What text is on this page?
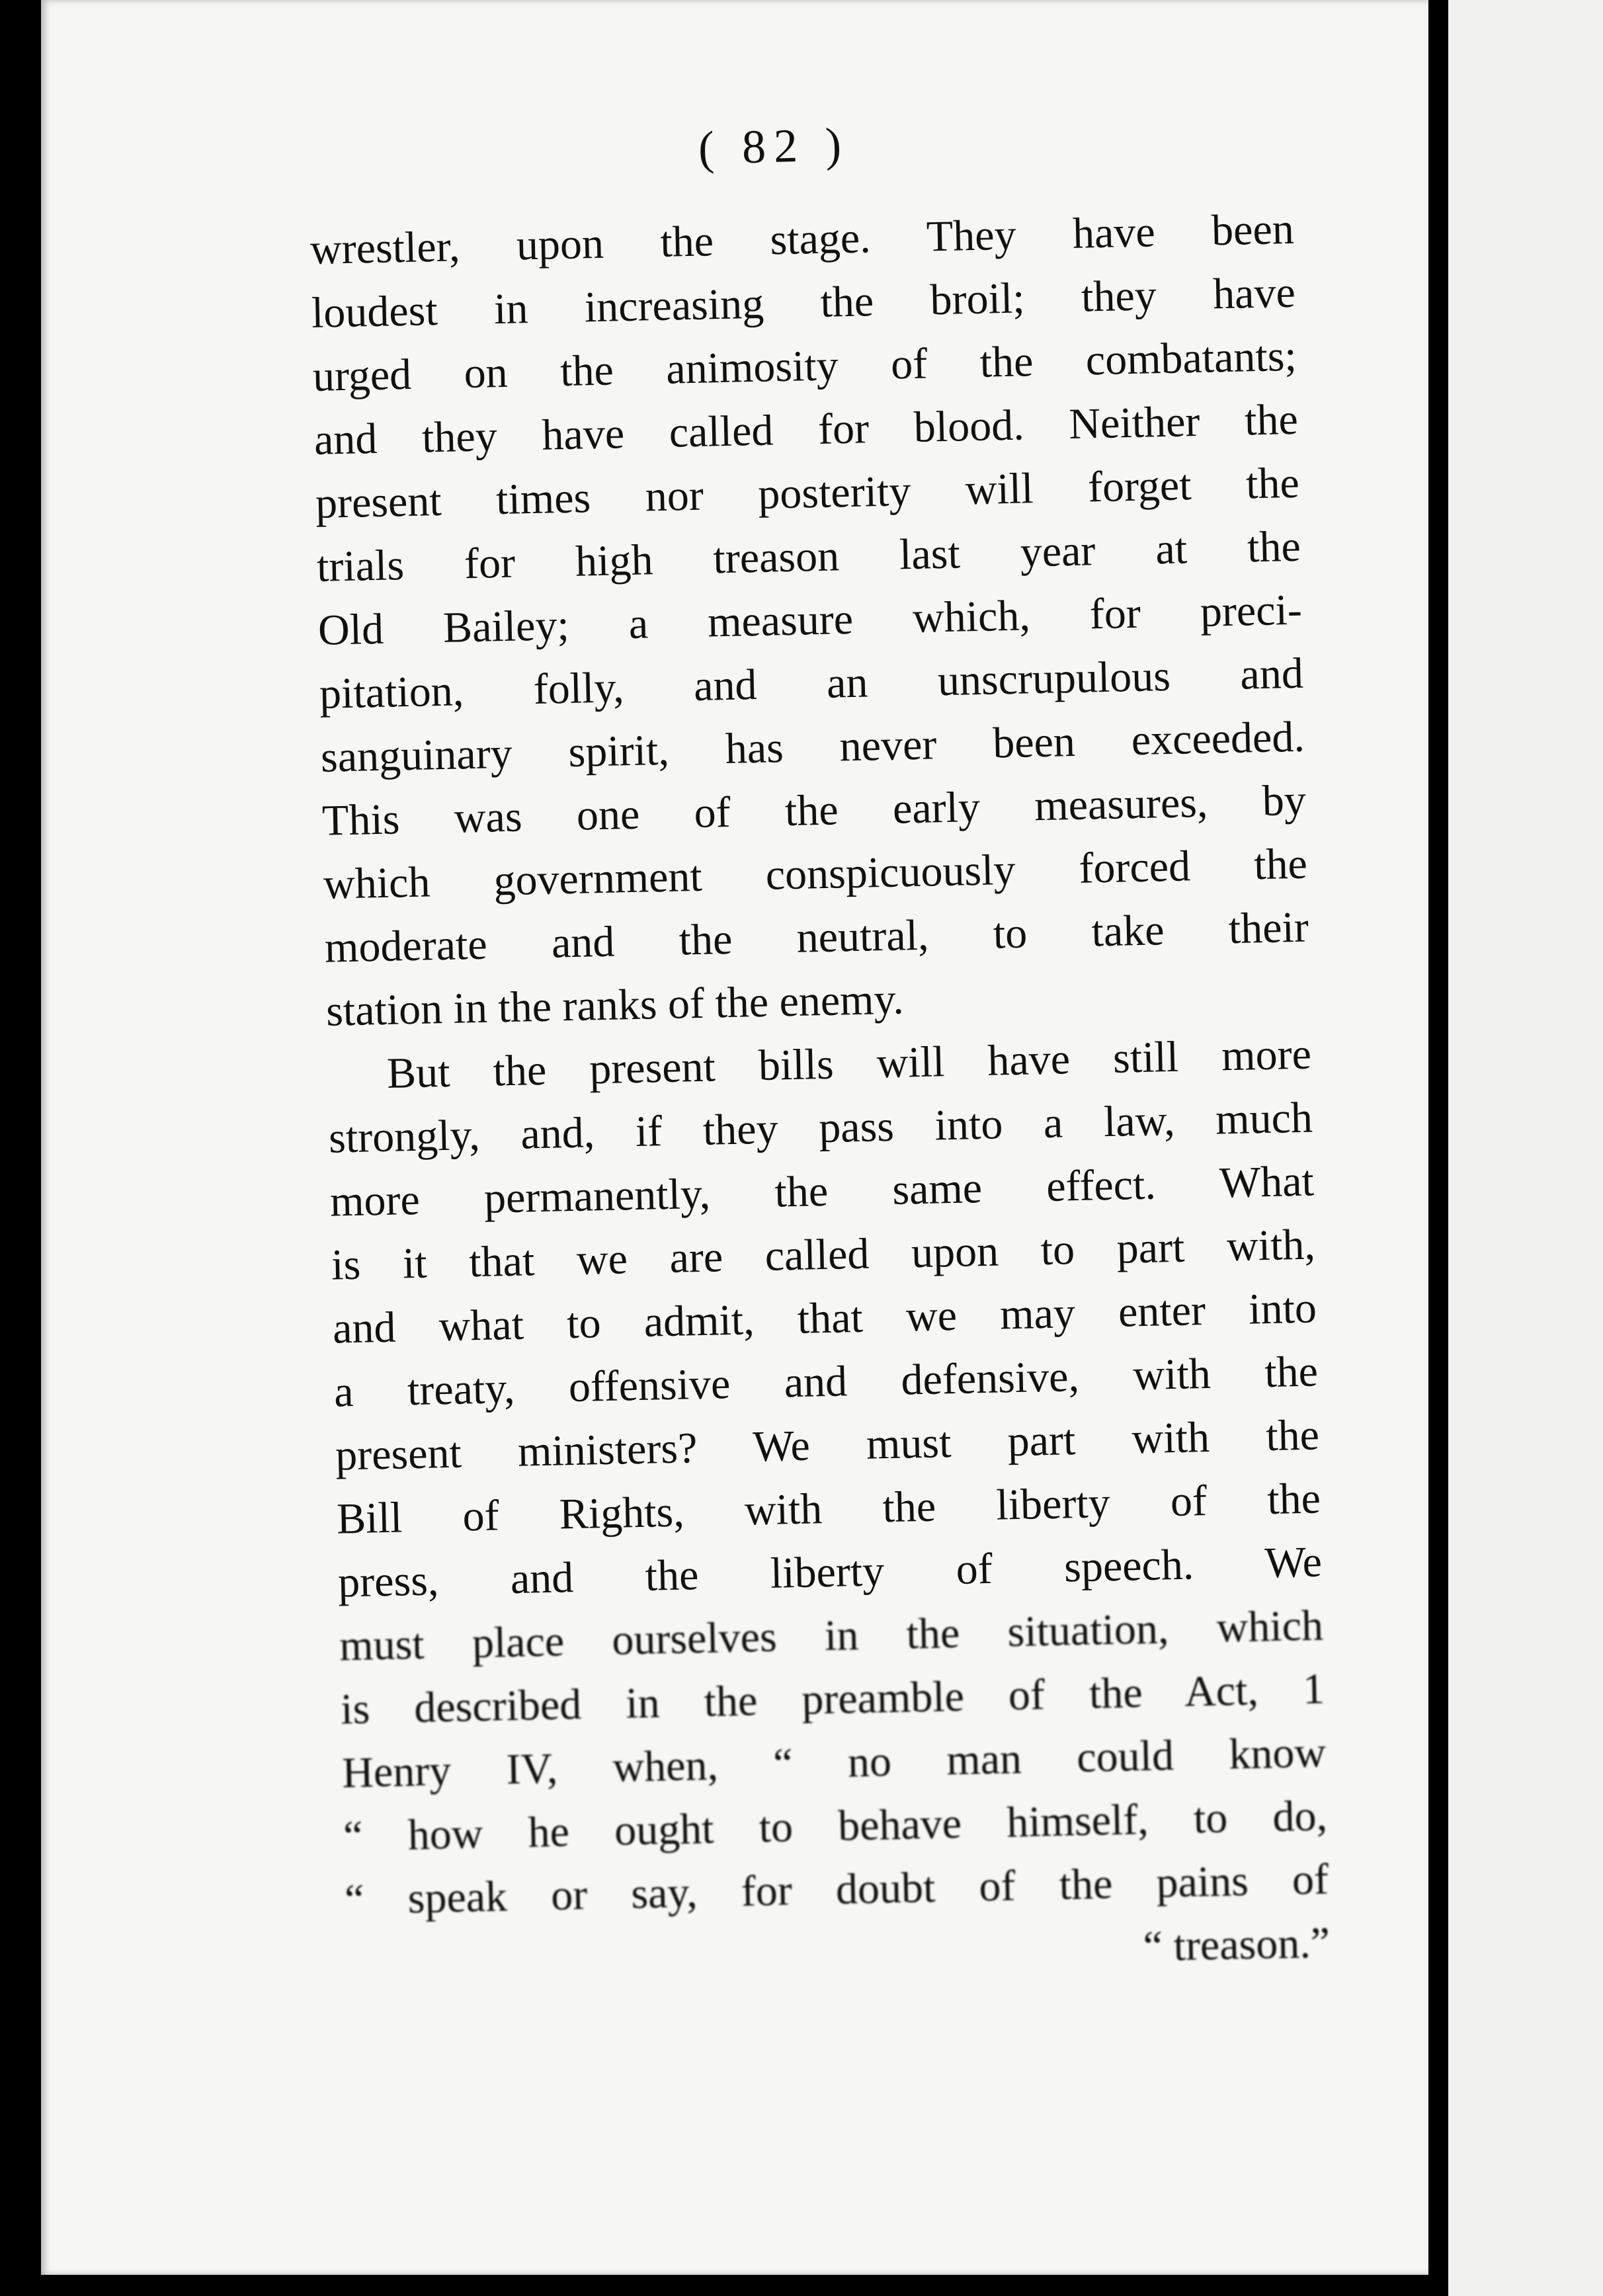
( 82 )
wrestler, upon the stage. They have been
loudest in increasing the broil; they have
urged on the animosity of the combatants;
and they have called for blood. Neither the
present times nor posterity will forget the
trials for high treason last year at the
Old Bailey; a measure which, for preci-
pitation, folly, and an unscrupulous and
sanguinary spirit, has never been exceeded.
This was one of the early measures, by
which government conspicuously forced the
moderate and the neutral, to take their
station in the ranks of the enemy.
But the present bills will have still more
strongly, and, if they pass into a law, much
more permanently, the same effect. What
is it that we are called upon to part with,
and what to admit, that we may enter into
a treaty, offensive and defensive, with the
present ministers? We must part with the
Bill of Rights, with the liberty of the
press, and the liberty of speech. We
must place ourselves in the situation, which
is described in the preamble of the Act, 1
Henry IV, when, “ no man could know
“ how he ought to behave himself, to do,
“ speak or say, for doubt of the pains of
“ treason.”
